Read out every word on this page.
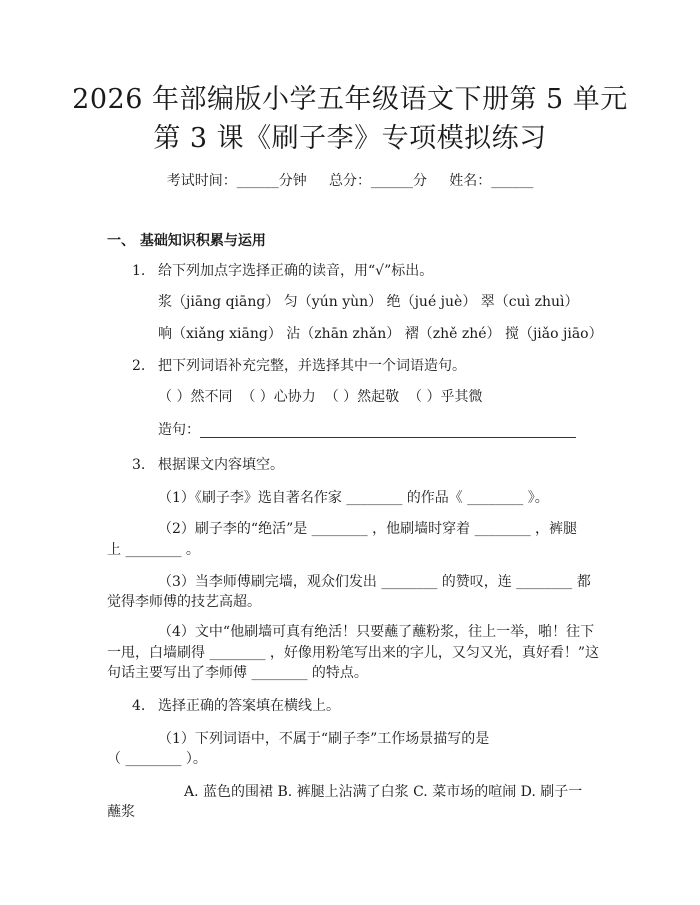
2026 年部编版小学五年级语文下册第 5 单元
第 3 课《刷子李》专项模拟练习
考试时间：______分钟     总分：______分     姓名：______
一、 基础知识积累与运用
1. 给下列加点字选择正确的读音，用“√”标出。
浆（jiāng qiāng） 匀（yún yùn） 绝（jué juè） 翠（cuì zhuì）
响（xiǎng xiāng） 沾（zhān zhǎn） 褶（zhě zhé） 搅（jiǎo jiāo）
2. 把下列词语补充完整，并选择其中一个词语造句。
（ ）然不同  （ ）心协力  （ ）然起敬  （ ）乎其微
造句：
3. 根据课文内容填空。
（1）《刷子李》选自著名作家 ________ 的作品《 ________ 》。
（2）刷子李的“绝活”是 ________ ，他刷墙时穿着 ________ ，裤腿
上 ________ 。
（3）当李师傅刷完墙，观众们发出 ________ 的赞叹，连 ________ 都
觉得李师傅的技艺高超。
（4）文中“他刷墙可真有绝活！只要蘸了蘸粉浆，往上一举，啪！往下
一甩，白墙刷得 ________ ，好像用粉笔写出来的字儿，又匀又光，真好看！”这
句话主要写出了李师傅 ________ 的特点。
4. 选择正确的答案填在横线上。
（1）下列词语中，不属于“刷子李”工作场景描写的是
（ ________ ）。
A. 蓝色的围裙 B. 裤腿上沾满了白浆 C. 菜市场的喧闹 D. 刷子一
蘸浆
